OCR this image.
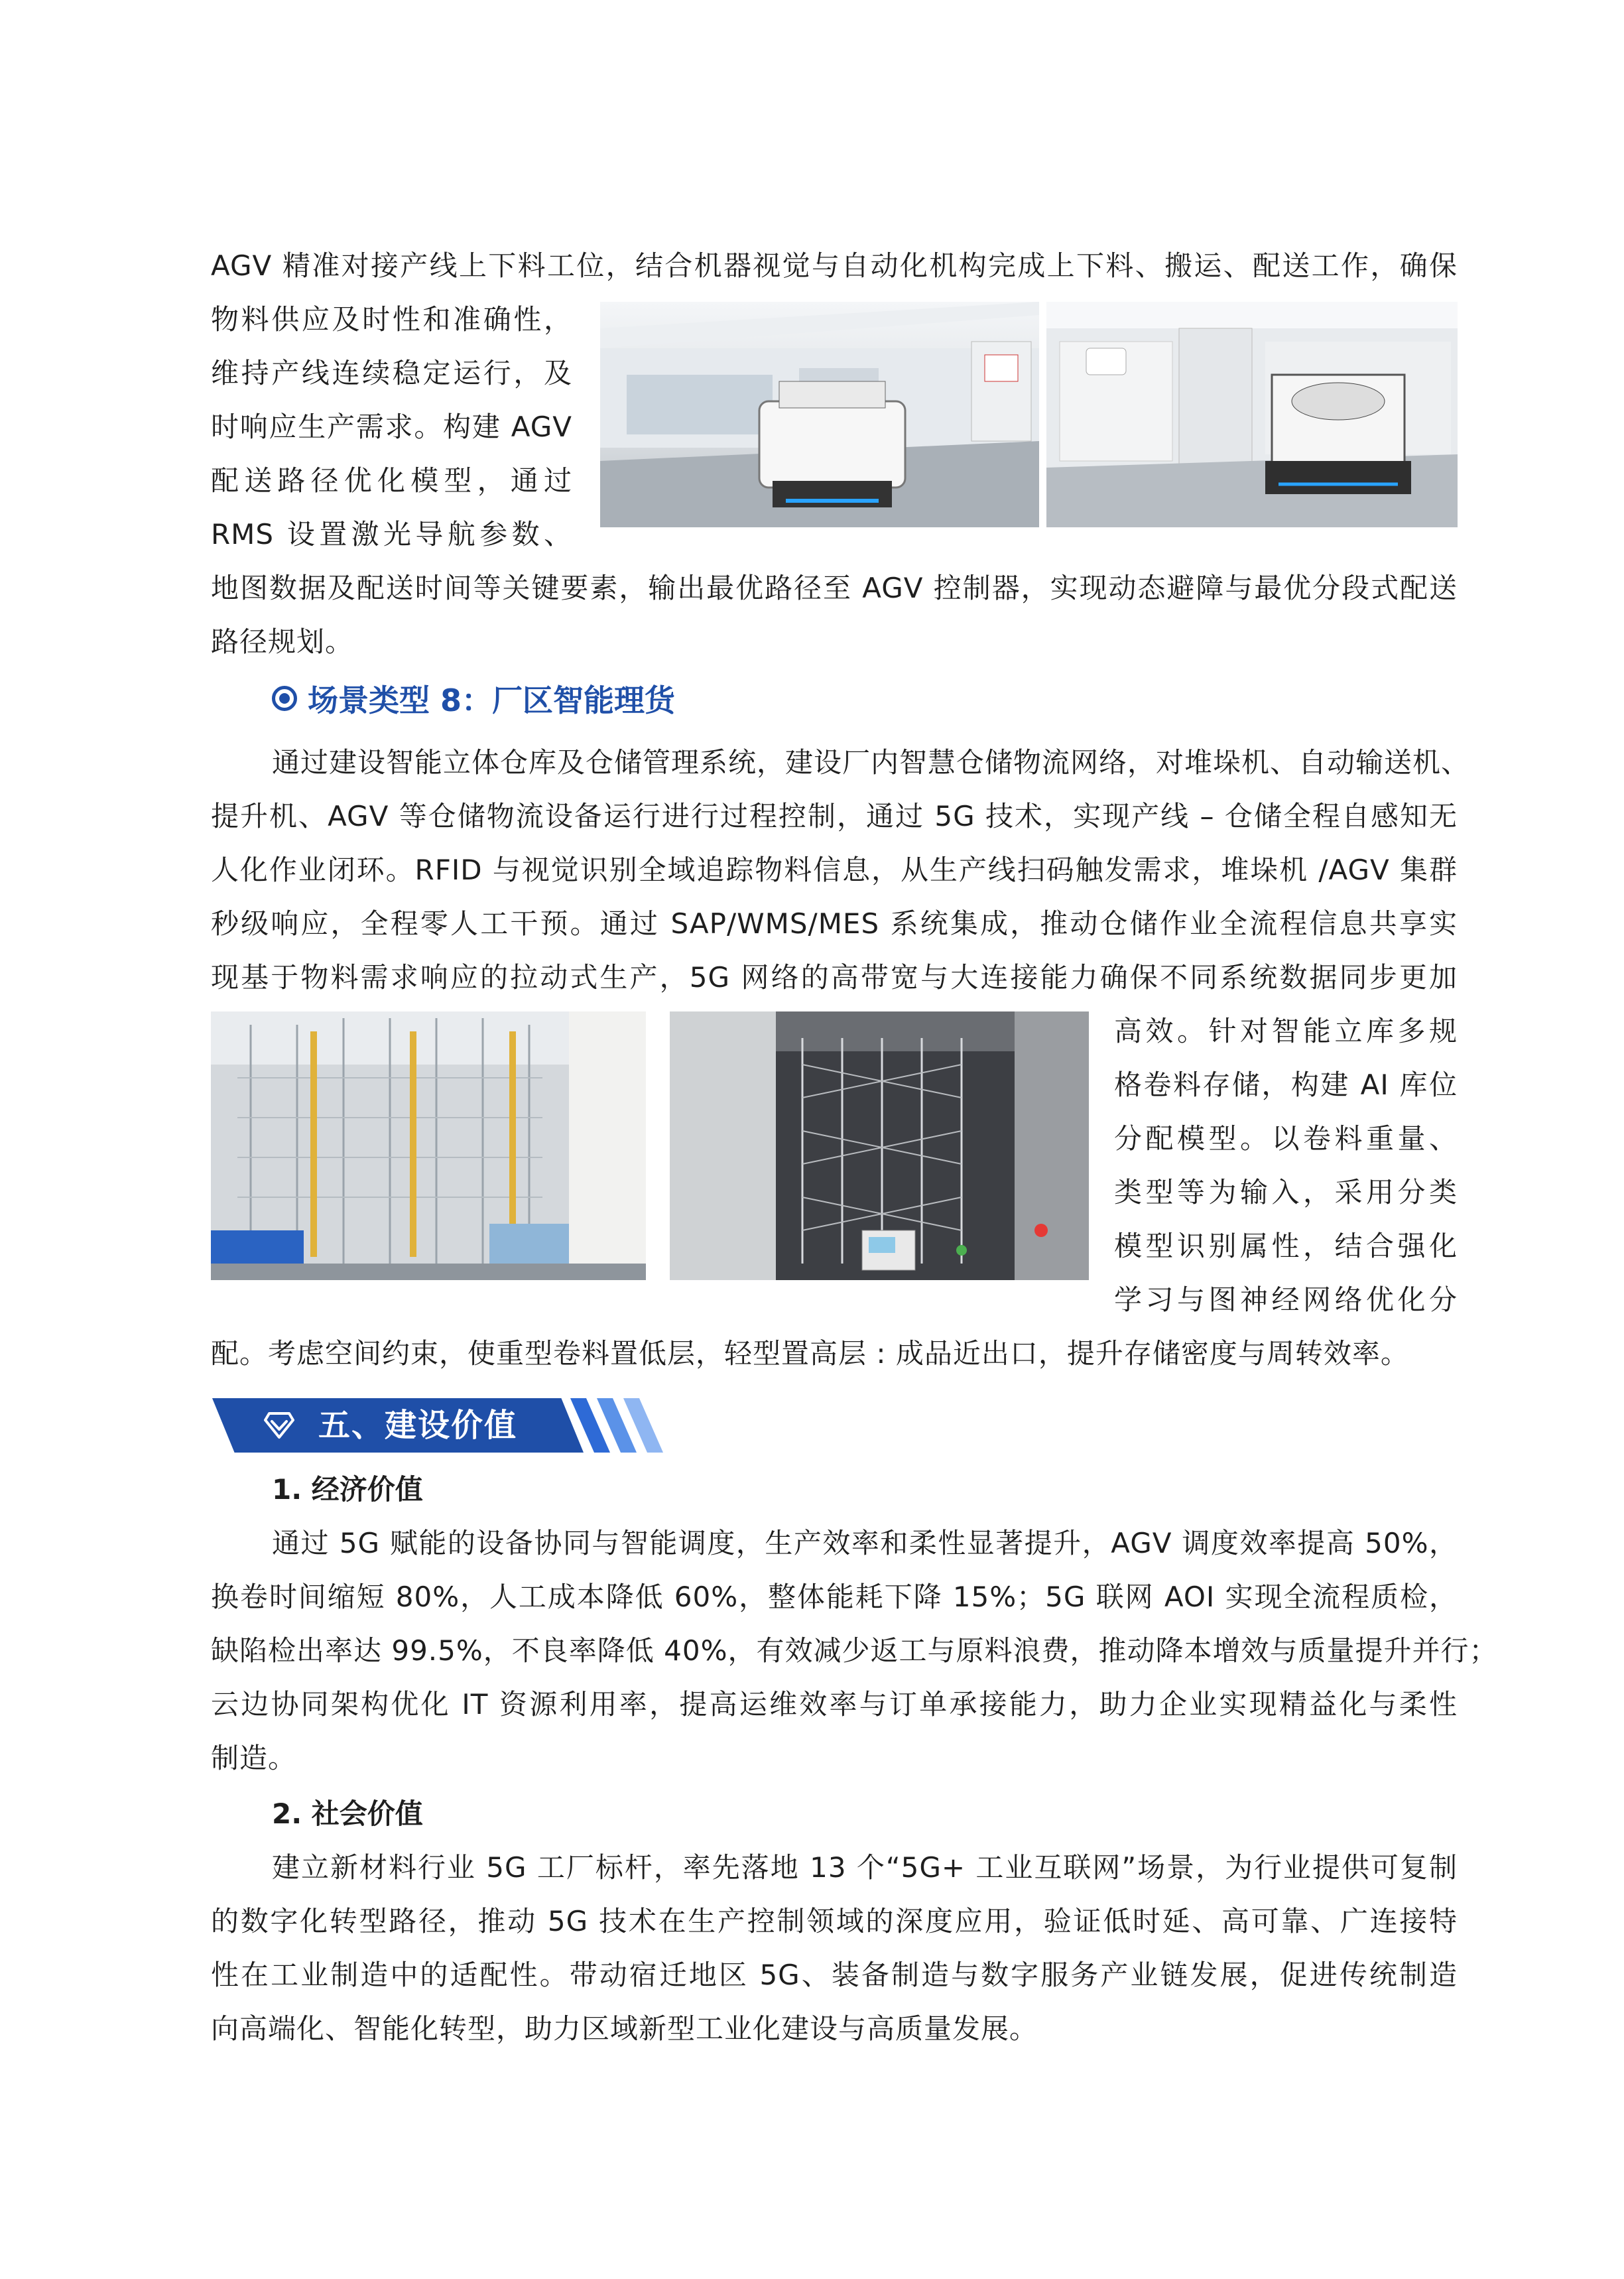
AGV 精准对接产线上下料工位，结合机器视觉与自动化机构完成上下料、搬运、配送工作，确保

物料供应及时性和准确性，

维持产线连续稳定运行，及

时响应生产需求。构建 AGV

配送路径优化模型，通过

RMS 设置激光导航参数、

地图数据及配送时间等关键要素，输出最优路径至 AGV 控制器，实现动态避障与最优分段式配送

路径规划。

场景类型 8：厂区智能理货

通过建设智能立体仓库及仓储管理系统，建设厂内智慧仓储物流网络，对堆垛机、自动输送机、

提升机、AGV 等仓储物流设备运行进行过程控制，通过 5G 技术，实现产线 – 仓储全程自感知无

人化作业闭环。RFID 与视觉识别全域追踪物料信息，从生产线扫码触发需求，堆垛机 /AGV 集群

秒级响应，全程零人工干预。通过 SAP/WMS/MES 系统集成，推动仓储作业全流程信息共享实

现基于物料需求响应的拉动式生产，5G 网络的高带宽与大连接能力确保不同系统数据同步更加

高效。针对智能立库多规

格卷料存储，构建 AI 库位

分配模型。以卷料重量、

类型等为输入，采用分类

模型识别属性，结合强化

学习与图神经网络优化分

配。考虑空间约束，使重型卷料置低层，轻型置高层 : 成品近出口，提升存储密度与周转效率。

五、建设价值
1. 经济价值

通过 5G 赋能的设备协同与智能调度，生产效率和柔性显著提升，AGV 调度效率提高 50%，

换卷时间缩短 80%，人工成本降低 60%，整体能耗下降 15%；5G 联网 AOI 实现全流程质检，

缺陷检出率达 99.5%，不良率降低 40%，有效减少返工与原料浪费，推动降本增效与质量提升并行；

云边协同架构优化 IT 资源利用率，提高运维效率与订单承接能力，助力企业实现精益化与柔性

制造。

2. 社会价值

建立新材料行业 5G 工厂标杆，率先落地 13 个“5G+ 工业互联网”场景，为行业提供可复制

的数字化转型路径，推动 5G 技术在生产控制领域的深度应用，验证低时延、高可靠、广连接特

性在工业制造中的适配性。带动宿迁地区 5G、装备制造与数字服务产业链发展，促进传统制造

向高端化、智能化转型，助力区域新型工业化建设与高质量发展。
